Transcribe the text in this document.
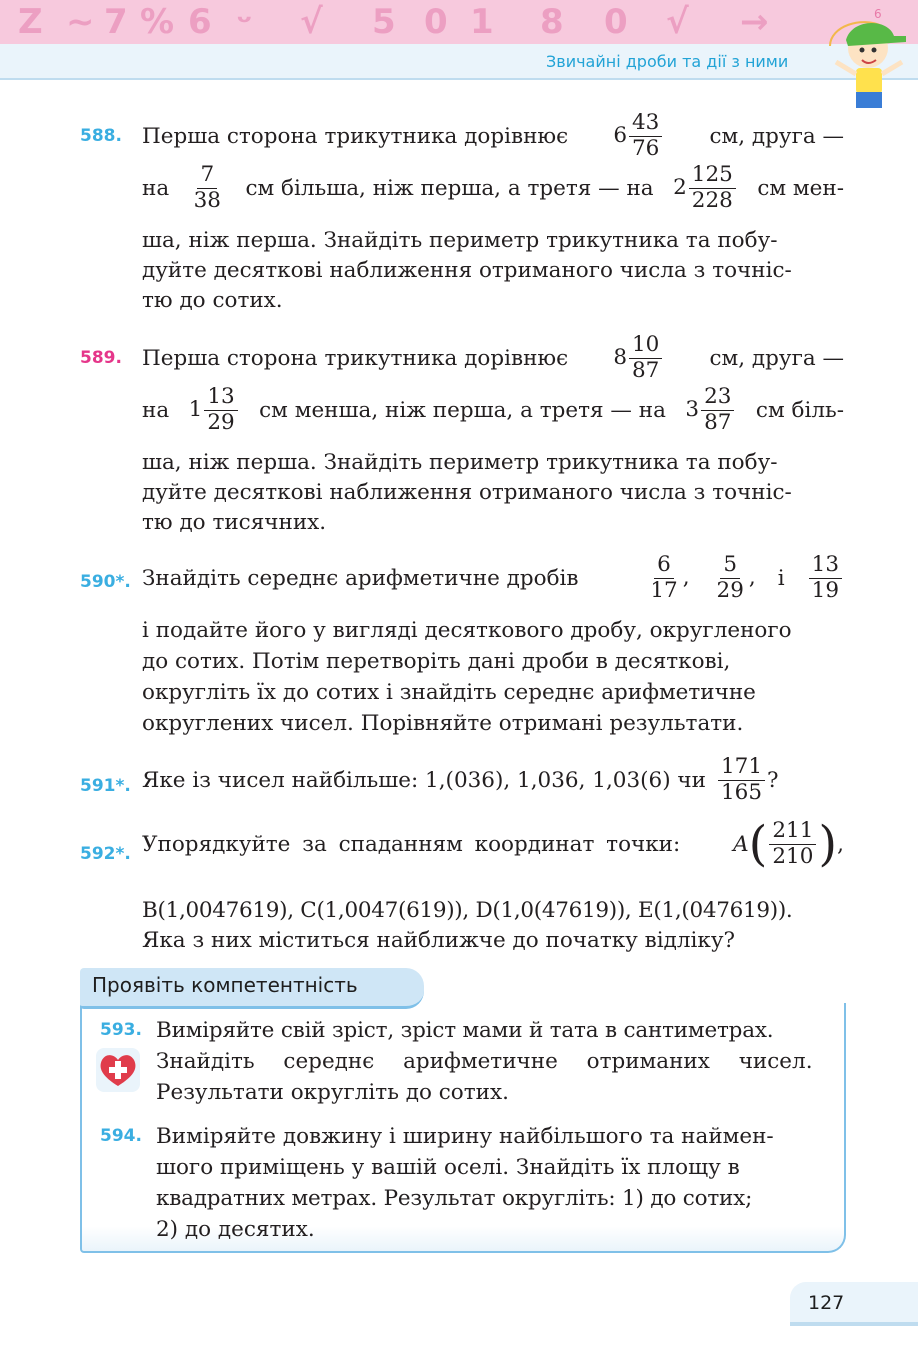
Z ~ 7 % 6 ᵕ √ 5 0 1 8 0 √ →
Звичайні дроби та дії з ними
6
588. Перша сторона трикутника дорівнює $6 \frac{43}{76}$ см, друга —
на $\frac{7}{38}$ см більша, ніж перша, а третя — на $2 \frac{125}{228}$ см мен-
ша, ніж перша. Знайдіть периметр трикутника та побу-
дуйте десяткові наближення отриманого числа з точніс-
тю до сотих.
589. Перша сторона трикутника дорівнює $8 \frac{10}{87}$ см, друга —
на $1 \frac{13}{29}$ см менша, ніж перша, а третя — на $3 \frac{23}{87}$ см біль-
ша, ніж перша. Знайдіть периметр трикутника та побу-
дуйте десяткові наближення отриманого числа з точніс-
тю до тисячних.
590*. Знайдіть середнє арифметичне дробів	$\frac{6}{17}$ , $\frac{5}{29}$ , і $\frac{13}{19}$
і подайте його у вигляді десяткового дробу, округленого
до сотих. Потім перетворіть дані дроби в десяткові,
округліть їх до сотих і знайдіть середнє арифметичне
округлених чисел. Порівняйте отримані результати.
591*. Яке із чисел найбільше: 1,(036), 1,036, 1,03(6) чи $\frac{171}{165}$ ?
592*. Упорядкуйте за спаданням координат точки: A ( $\frac{211}{210}$ ) ,
B(1,0047619), C(1,0047(619)), D(1,0(47619)), E(1,(047619)).
Яка з них міститься найближче до початку відліку?
Проявіть компетентність
593. Виміряйте свій зріст, зріст мами й тата в сантиметрах.
Знайдіть середнє арифметичне отриманих чисел.
Результати округліть до сотих.
594. Виміряйте довжину і ширину найбільшого та наймен-
шого приміщень у вашій оселі. Знайдіть їх площу в
квадратних метрах. Результат округліть: 1) до сотих;
2) до десятих.
127
